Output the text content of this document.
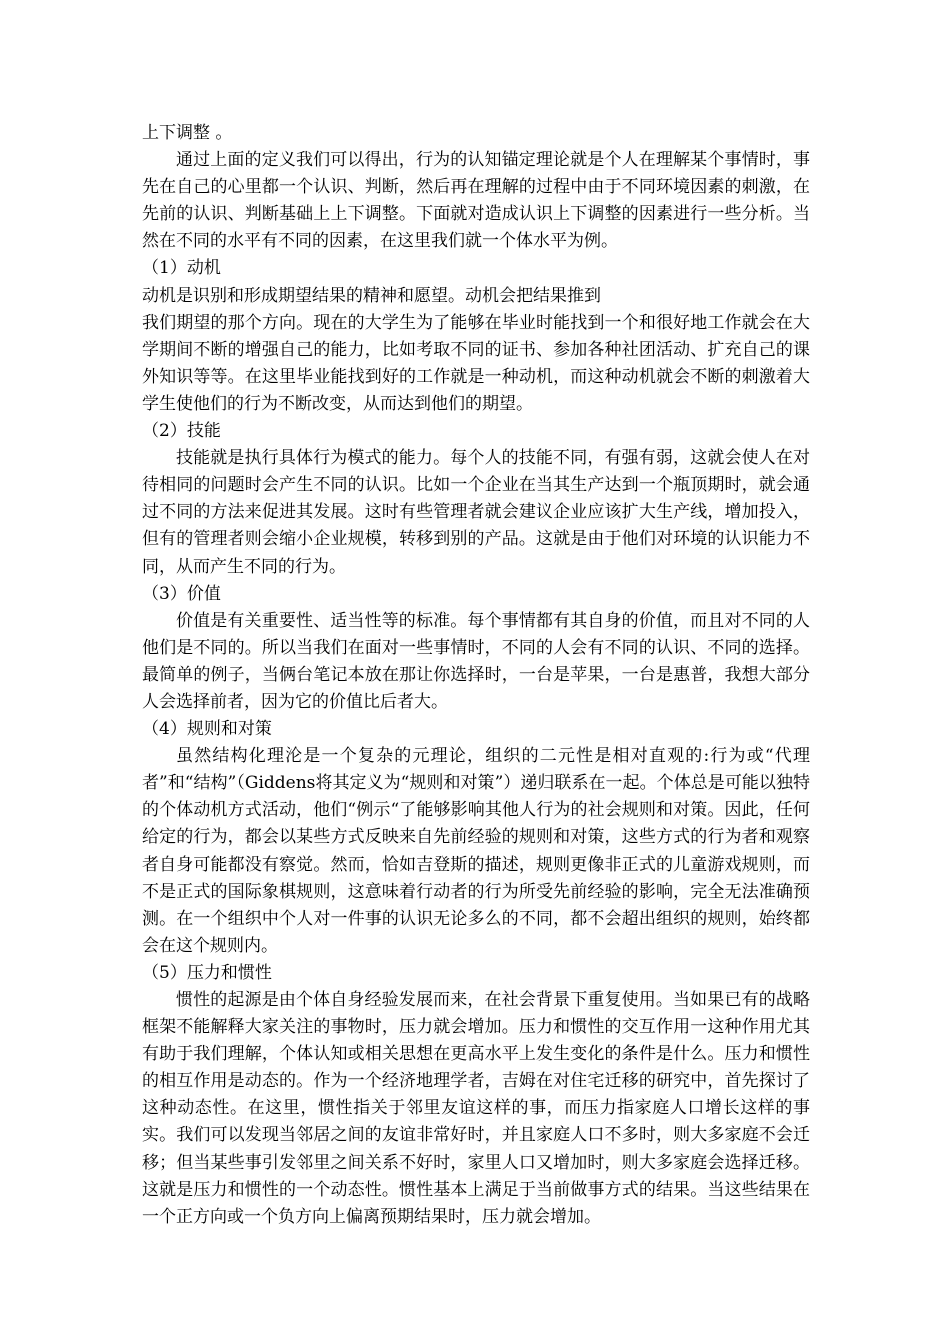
上下调整 。

通过上面的定义我们可以得出，行为的认知锚定理论就是个人在理解某个事情时，事先在自己的心里都一个认识、判断，然后再在理解的过程中由于不同环境因素的刺激，在先前的认识、判断基础上上下调整。下面就对造成认识上下调整的因素进行一些分析。当然在不同的水平有不同的因素，在这里我们就一个体水平为例。

（1）动机

动机是识别和形成期望结果的精神和愿望。动机会把结果推到

我们期望的那个方向。现在的大学生为了能够在毕业时能找到一个和很好地工作就会在大学期间不断的增强自己的能力，比如考取不同的证书、参加各种社团活动、扩充自己的课外知识等等。在这里毕业能找到好的工作就是一种动机，而这种动机就会不断的刺激着大学生使他们的行为不断改变，从而达到他们的期望。

（2）技能

技能就是执行具体行为模式的能力。每个人的技能不同，有强有弱，这就会使人在对待相同的问题时会产生不同的认识。比如一个企业在当其生产达到一个瓶顶期时，就会通过不同的方法来促进其发展。这时有些管理者就会建议企业应该扩大生产线，增加投入，但有的管理者则会缩小企业规模，转移到别的产品。这就是由于他们对环境的认识能力不同，从而产生不同的行为。

（3）价值

价值是有关重要性、适当性等的标准。每个事情都有其自身的价值，而且对不同的人他们是不同的。所以当我们在面对一些事情时，不同的人会有不同的认识、不同的选择。最简单的例子，当俩台笔记本放在那让你选择时，一台是苹果，一台是惠普，我想大部分人会选择前者，因为它的价值比后者大。

（4）规则和对策

虽然结构化理沦是一个复杂的元理论，组织的二元性是相对直观的:行为或“代理者”和“结构”（Giddens将其定义为“规则和对策”）递归联系在一起。个体总是可能以独特的个体动机方式活动，他们“例示“了能够影响其他人行为的社会规则和对策。因此，任何给定的行为，都会以某些方式反映来自先前经验的规则和对策，这些方式的行为者和观察者自身可能都没有察觉。然而，恰如吉登斯的描述，规则更像非正式的儿童游戏规则，而不是正式的国际象棋规则，这意味着行动者的行为所受先前经验的影响，完全无法准确预测。在一个组织中个人对一件事的认识无论多么的不同，都不会超出组织的规则，始终都会在这个规则内。

（5）压力和惯性

惯性的起源是由个体自身经验发展而来，在社会背景下重复使用。当如果已有的战略框架不能解释大家关注的事物时，压力就会增加。压力和惯性的交互作用一这种作用尤其有助于我们理解，个体认知或相关思想在更高水平上发生变化的条件是什么。压力和惯性的相互作用是动态的。作为一个经济地理学者，吉姆在对住宅迁移的研究中，首先探讨了这种动态性。在这里，惯性指关于邻里友谊这样的事，而压力指家庭人口增长这样的事实。我们可以发现当邻居之间的友谊非常好时，并且家庭人口不多时，则大多家庭不会迁移；但当某些事引发邻里之间关系不好时，家里人口又增加时，则大多家庭会选择迁移。这就是压力和惯性的一个动态性。惯性基本上满足于当前做事方式的结果。当这些结果在一个正方向或一个负方向上偏离预期结果时，压力就会增加。
